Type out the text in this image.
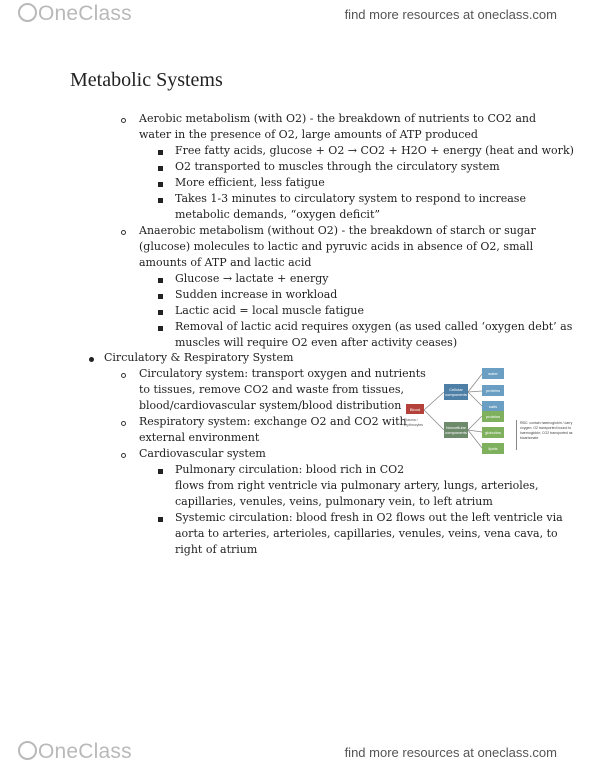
OneClass	find more resources at oneclass.com
Metabolic Systems
Aerobic metabolism (with O2) - the breakdown of nutrients to CO2 and
water in the presence of O2, large amounts of ATP produced
Free fatty acids, glucose + O2 → CO2 + H2O + energy (heat and work)
O2 transported to muscles through the circulatory system
More efficient, less fatigue
Takes 1-3 minutes to circulatory system to respond to increase
metabolic demands, “oxygen deficit”
Anaerobic metabolism (without O2) - the breakdown of starch or sugar
(glucose) molecules to lactic and pyruvic acids in absence of O2, small
amounts of ATP and lactic acid
Glucose → lactate + energy
Sudden increase in workload
Lactic acid = local muscle fatigue
Removal of lactic acid requires oxygen (as used called ‘oxygen debt’ as
muscles will require O2 even after activity ceases)
Circulatory & Respiratory System
Circulatory system: transport oxygen and nutrients
to tissues, remove CO2 and waste from tissues,
blood/cardiovascular system/blood distribution
Respiratory system: exchange O2 and CO2 with
external environment
Cardiovascular system
Pulmonary circulation: blood rich in CO2
flows from right ventricle via pulmonary artery, lungs, arterioles,
capillaries, venules, veins, pulmonary vein, to left atrium
Systemic circulation: blood fresh in O2 flows out the left ventricle via
aorta to arteries, arterioles, capillaries, venules, veins, vena cava, to
right of atrium
Blood
Plasma / erythrocytes
Cellular components
Noncellular components
water
proteins
salts
proteins
globulins
lipids
RBC: contain haemoglobin / carry oxygen; O2 transported bound to haemoglobin; CO2 transported as bicarbonate
OneClass	find more resources at oneclass.com
